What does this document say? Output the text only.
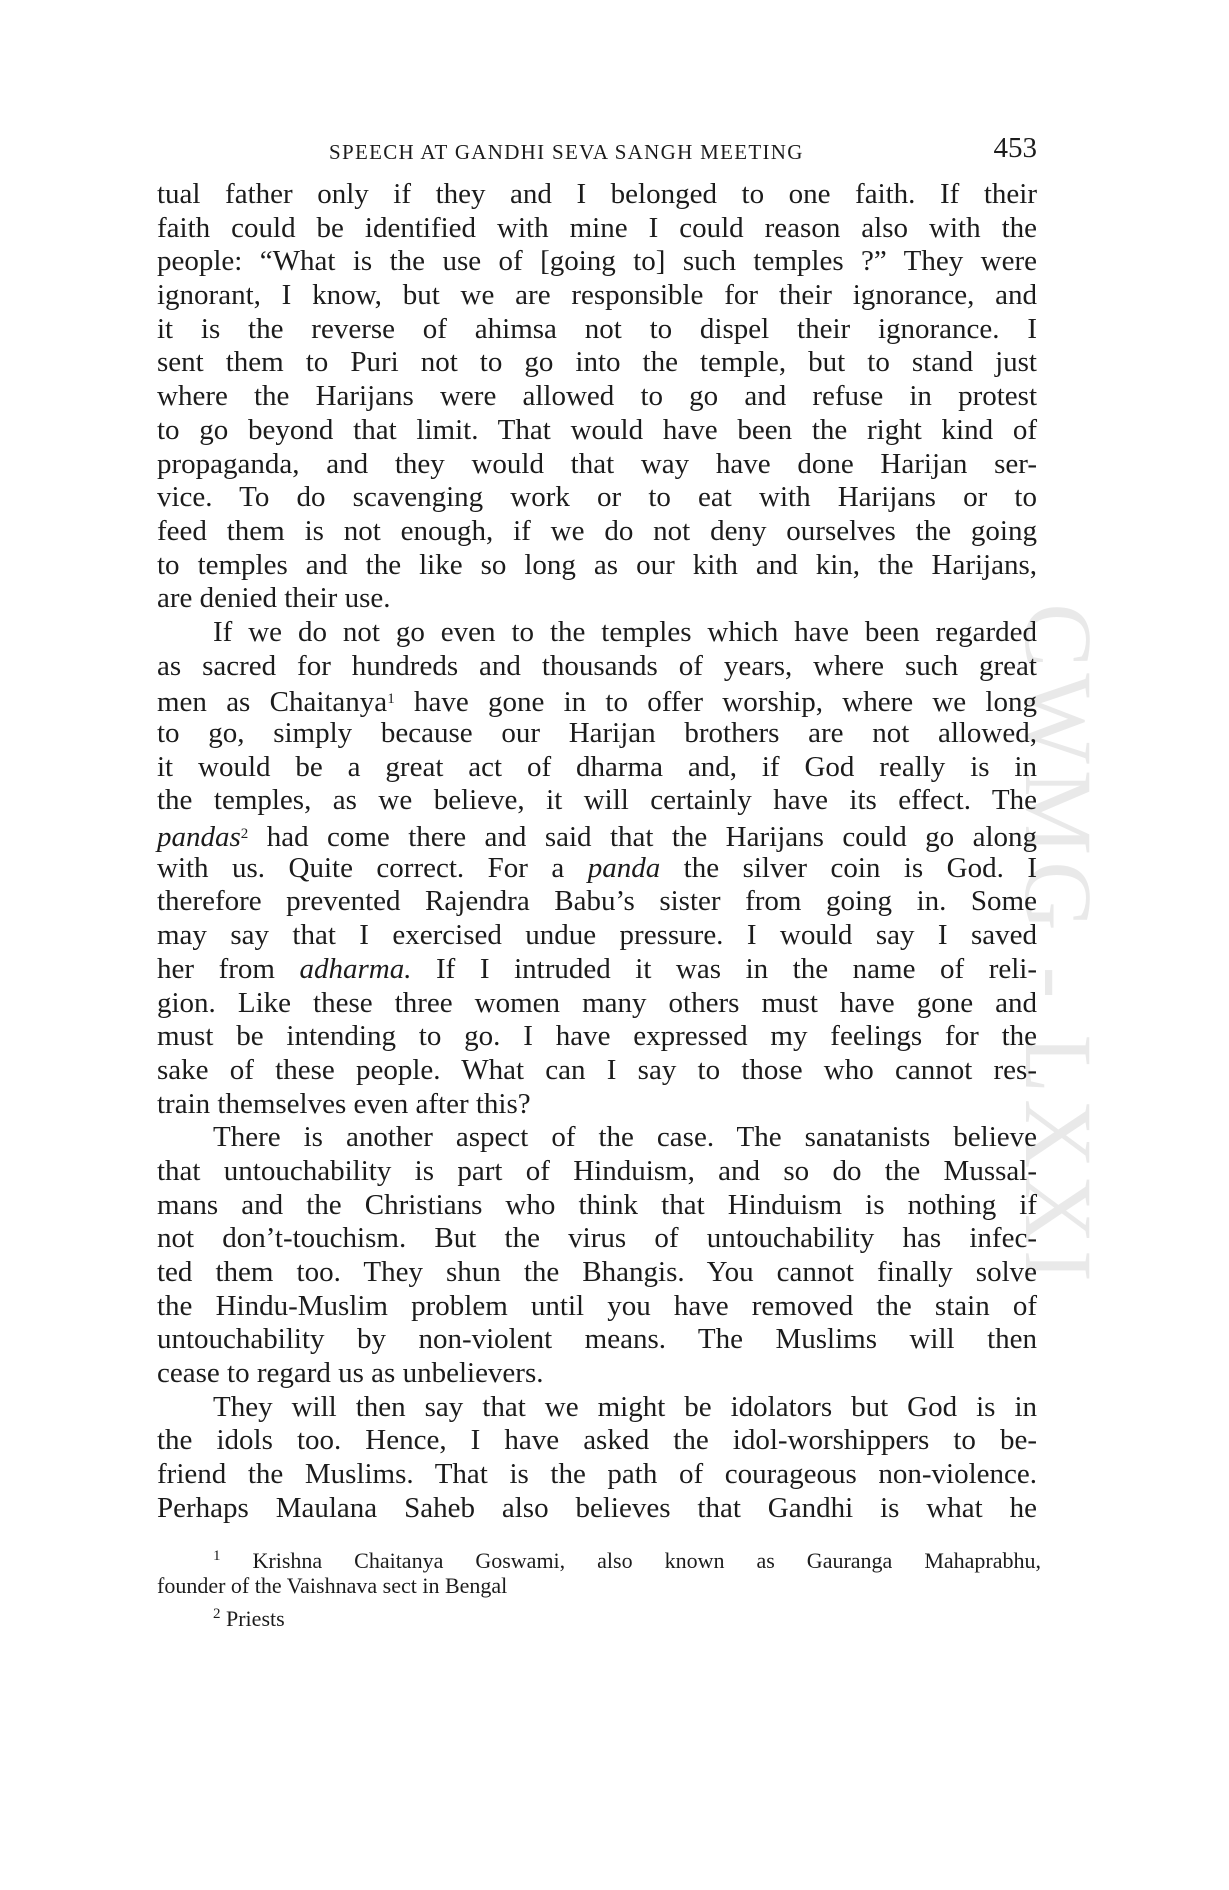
CWMG - LXXI
SPEECH AT GANDHI SEVA SANGH MEETING	453
tual father only if they and I belonged to one faith. If their
faith could be identified with mine I could reason also with the
people: “What is the use of [going to] such temples ?” They were
ignorant, I know, but we are responsible for their ignorance, and
it is the reverse of ahimsa not to dispel their ignorance. I
sent them to Puri not to go into the temple, but to stand just
where the Harijans were allowed to go and refuse in protest
to go beyond that limit. That would have been the right kind of
propaganda, and they would that way have done Harijan ser-
vice. To do scavenging work or to eat with Harijans or to
feed them is not enough, if we do not deny ourselves the going
to temples and the like so long as our kith and kin, the Harijans,
are denied their use.
If we do not go even to the temples which have been regarded
as sacred for hundreds and thousands of years, where such great
men as Chaitanya$^1$ have gone in to offer worship, where we long
to go, simply because our Harijan brothers are not allowed,
it would be a great act of dharma and, if God really is in
the temples, as we believe, it will certainly have its effect. The
pandas$^2$ had come there and said that the Harijans could go along
with us. Quite correct. For a panda the silver coin is God. I
therefore prevented Rajendra Babu’s sister from going in. Some
may say that I exercised undue pressure. I would say I saved
her from adharma. If I intruded it was in the name of reli-
gion. Like these three women many others must have gone and
must be intending to go. I have expressed my feelings for the
sake of these people. What can I say to those who cannot res-
train themselves even after this?
There is another aspect of the case. The sanatanists believe
that untouchability is part of Hinduism, and so do the Mussal-
mans and the Christians who think that Hinduism is nothing if
not don’t-touchism. But the virus of untouchability has infec-
ted them too. They shun the Bhangis. You cannot finally solve
the Hindu-Muslim problem until you have removed the stain of
untouchability by non-violent means. The Muslims will then
cease to regard us as unbelievers.
They will then say that we might be idolators but God is in
the idols too. Hence, I have asked the idol-worshippers to be-
friend the Muslims. That is the path of courageous non-violence.
Perhaps Maulana Saheb also believes that Gandhi is what he
$^1$ Krishna Chaitanya Goswami, also known as Gauranga Mahaprabhu,
founder of the Vaishnava sect in Bengal
$^2$ Priests
